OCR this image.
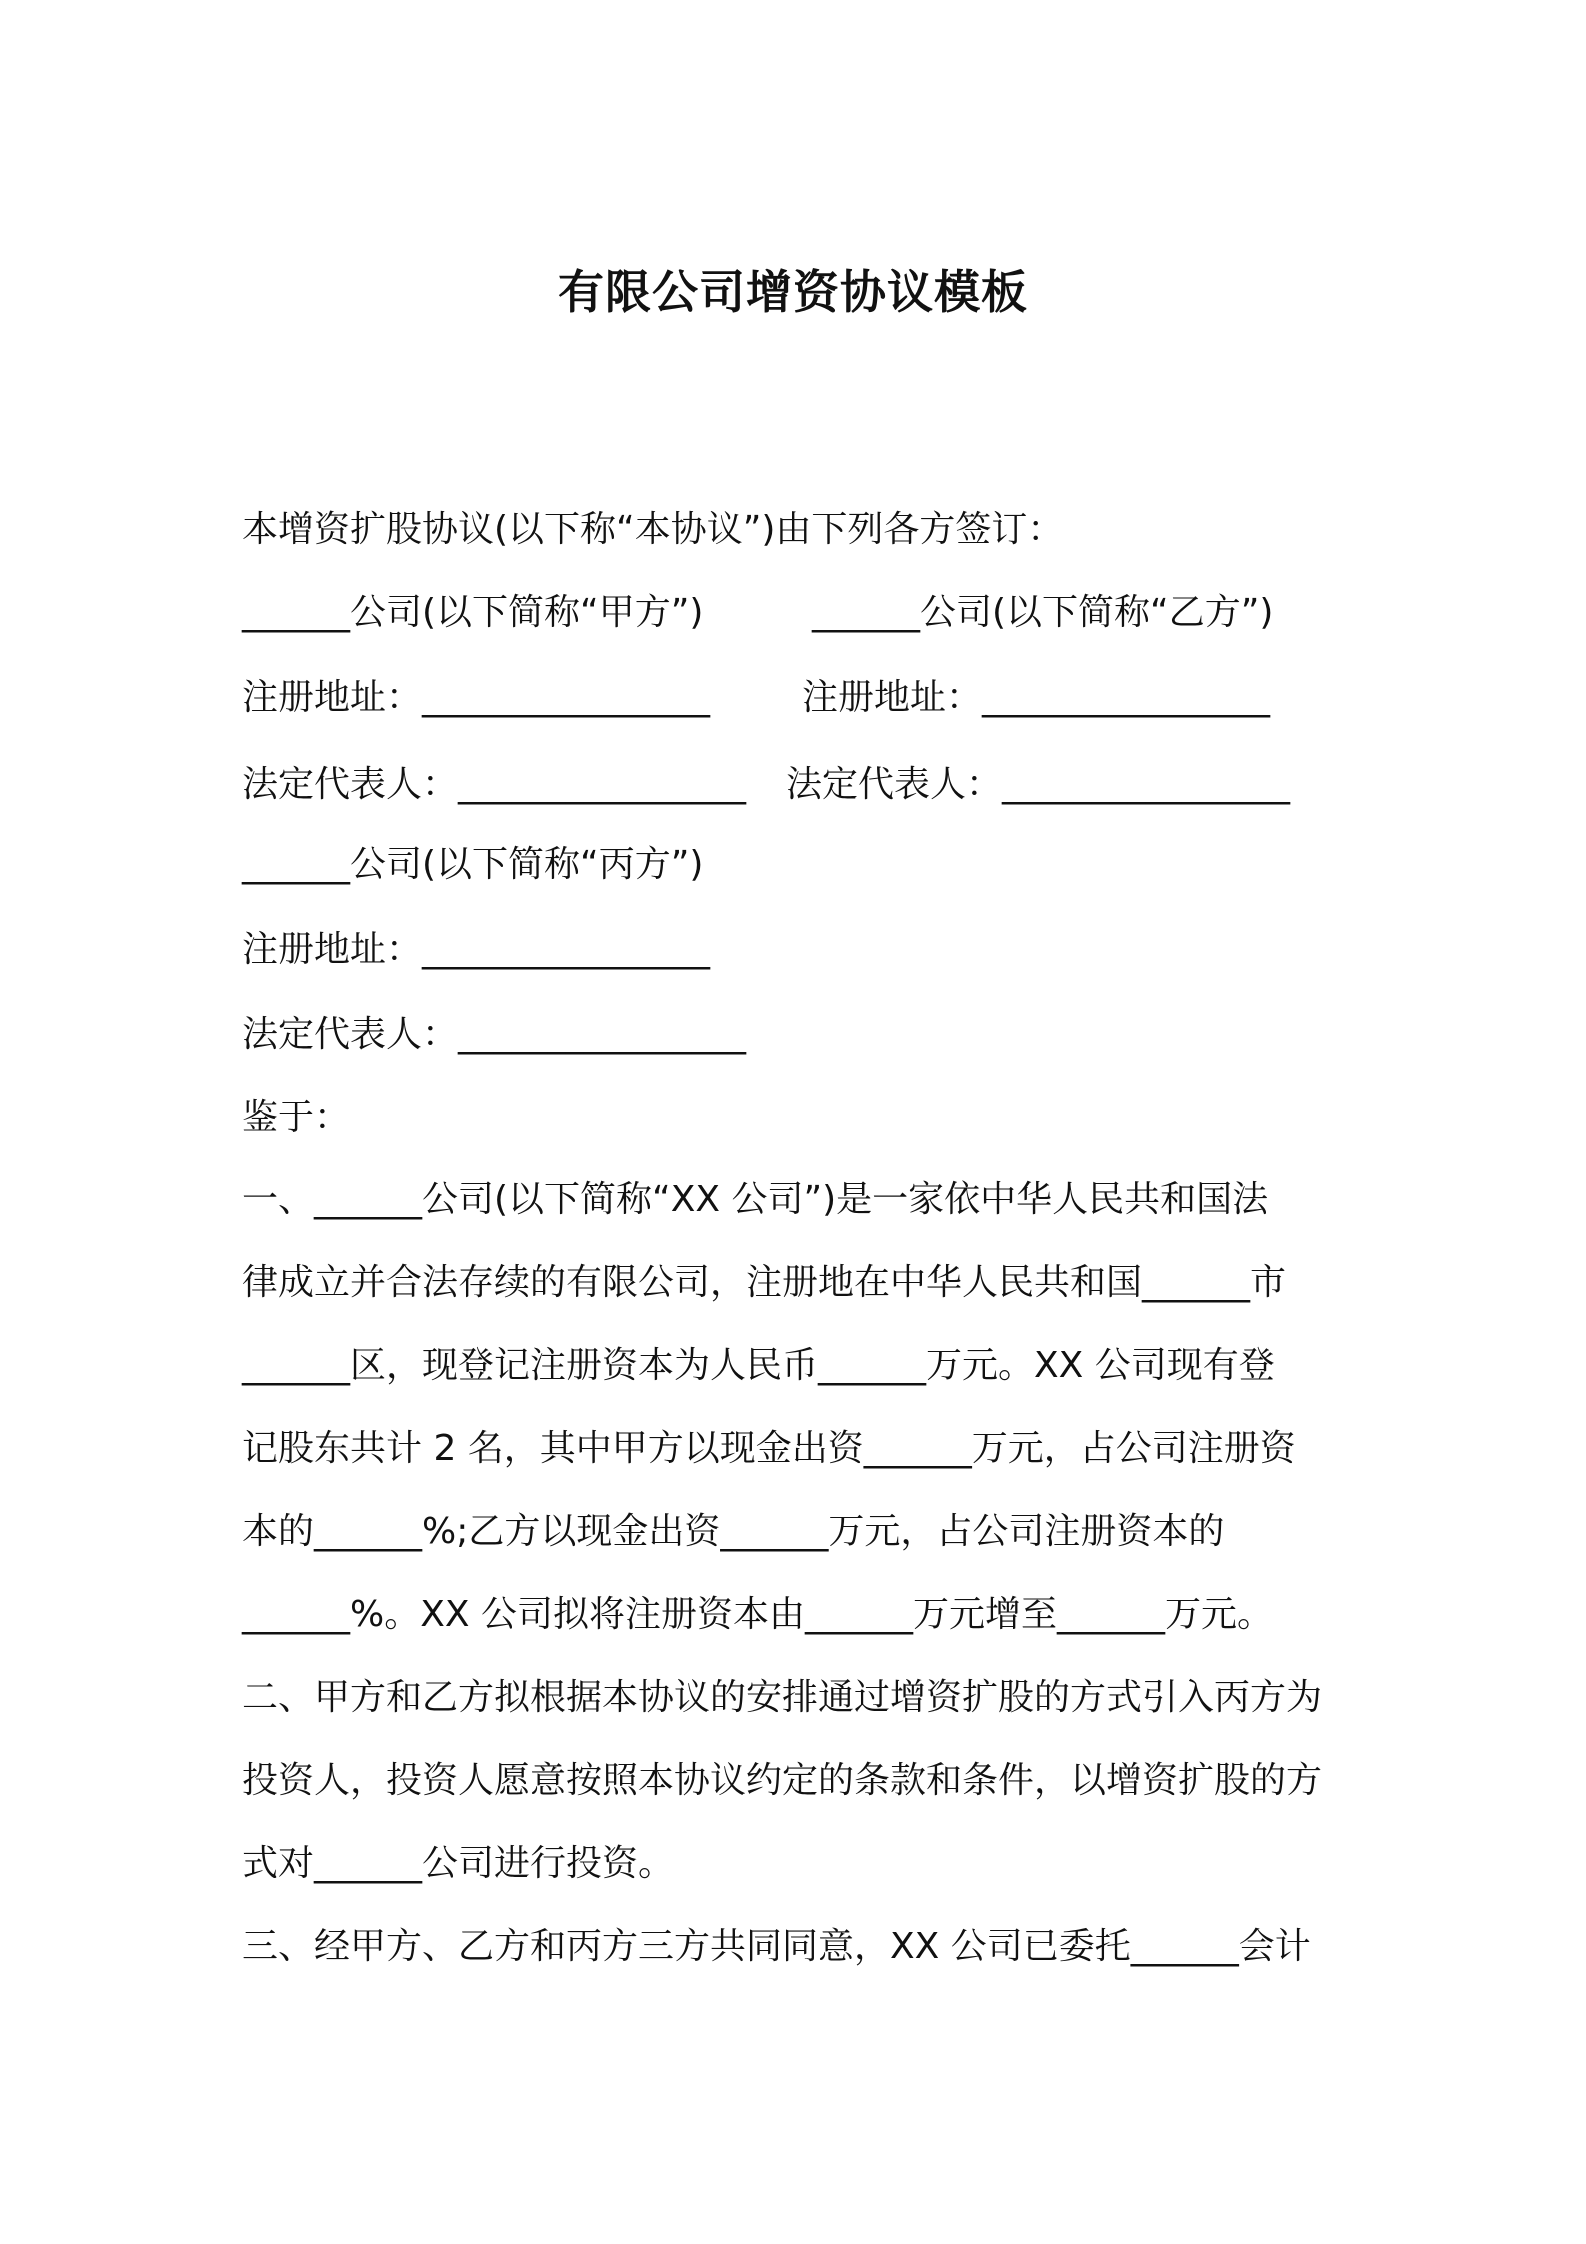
有限公司增资协议模板
本增资扩股协议(以下称“本协议”)由下列各方签订：
______公司(以下简称“甲方”)	______公司(以下简称“乙方”)
注册地址：________________	注册地址：________________
法定代表人：________________ 法定代表人：________________
______公司(以下简称“丙方”)
注册地址：________________
法定代表人：________________
鉴于：
一、______公司(以下简称“XX 公司”)是一家依中华人民共和国法
律成立并合法存续的有限公司，注册地在中华人民共和国______市
______区，现登记注册资本为人民币______万元。XX 公司现有登
记股东共计 2 名，其中甲方以现金出资______万元，占公司注册资
本的______%;乙方以现金出资______万元，占公司注册资本的
______%。XX 公司拟将注册资本由______万元增至______万元。
二、甲方和乙方拟根据本协议的安排通过增资扩股的方式引入丙方为
投资人，投资人愿意按照本协议约定的条款和条件，以增资扩股的方
式对______公司进行投资。
三、经甲方、乙方和丙方三方共同同意，XX 公司已委托______会计
